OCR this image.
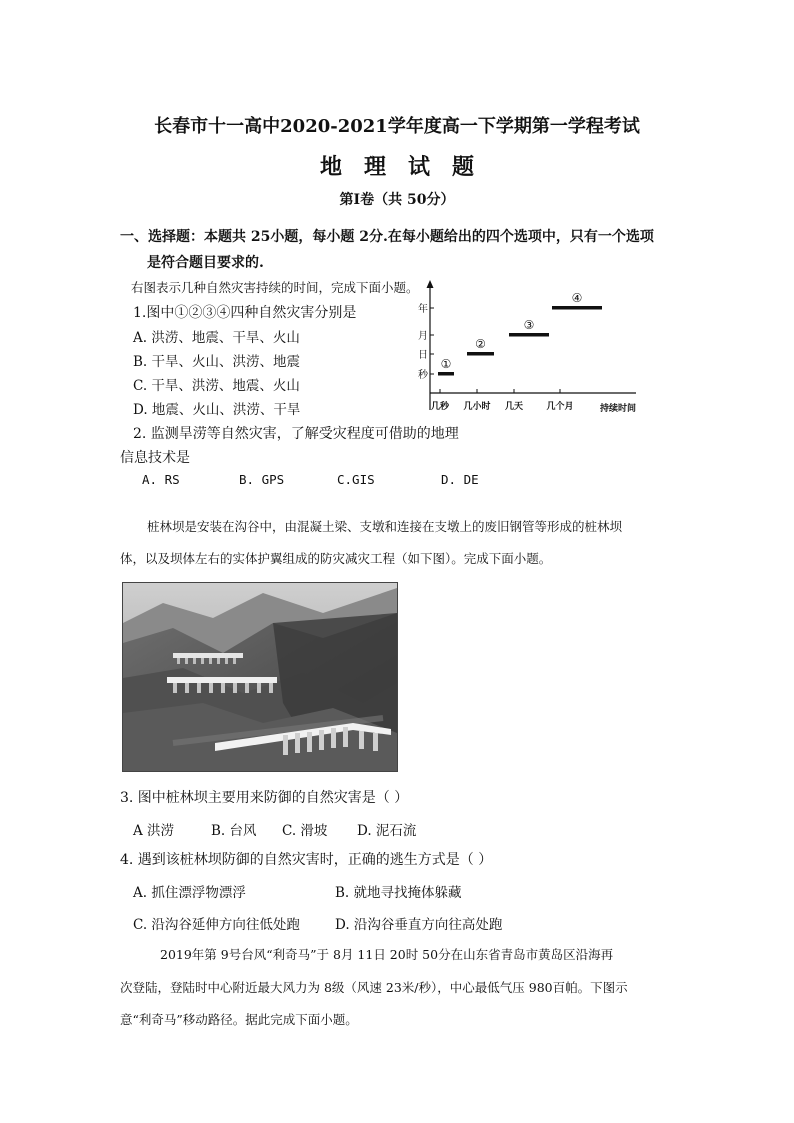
长春市十一高中2020-2021学年度高一下学期第一学程考试
地理试题
第Ⅰ卷（共 50分）
一、选择题：本题共 25小题，每小题 2分.在每小题给出的四个选项中，只有一个选项
是符合题目要求的.
右图表示几种自然灾害持续的时间，完成下面小题。
1.图中①②③④四种自然灾害分别是
A. 洪涝、地震、干旱、火山
B. 干旱、火山、洪涝、地震
C. 干旱、洪涝、地震、火山
D. 地震、火山、洪涝、干旱
2. 监测旱涝等自然灾害，了解受灾程度可借助的地理
信息技术是
A. RS	B. GPS	C.GIS	D. DE
年
月
日
秒
几秒 几小时 几天	几个月	持续时间
①
②
③
④
桩林坝是安装在沟谷中，由混凝土梁、支墩和连接在支墩上的废旧钢管等形成的桩林坝
体，以及坝体左右的实体护翼组成的防灾减灾工程（如下图）。完成下面小题。
3. 图中桩林坝主要用来防御的自然灾害是（ ）
A 洪涝	B. 台风 C. 滑坡 D. 泥石流
4. 遇到该桩林坝防御的自然灾害时，正确的逃生方式是（ ）
A. 抓住漂浮物漂浮	B. 就地寻找掩体躲藏
C. 沿沟谷延伸方向往低处跑	D. 沿沟谷垂直方向往高处跑
2019年第 9号台风“利奇马”于 8月 11日 20时 50分在山东省青岛市黄岛区沿海再
次登陆，登陆时中心附近最大风力为 8级（风速 23米/秒），中心最低气压 980百帕。下图示
意“利奇马”移动路径。据此完成下面小题。
